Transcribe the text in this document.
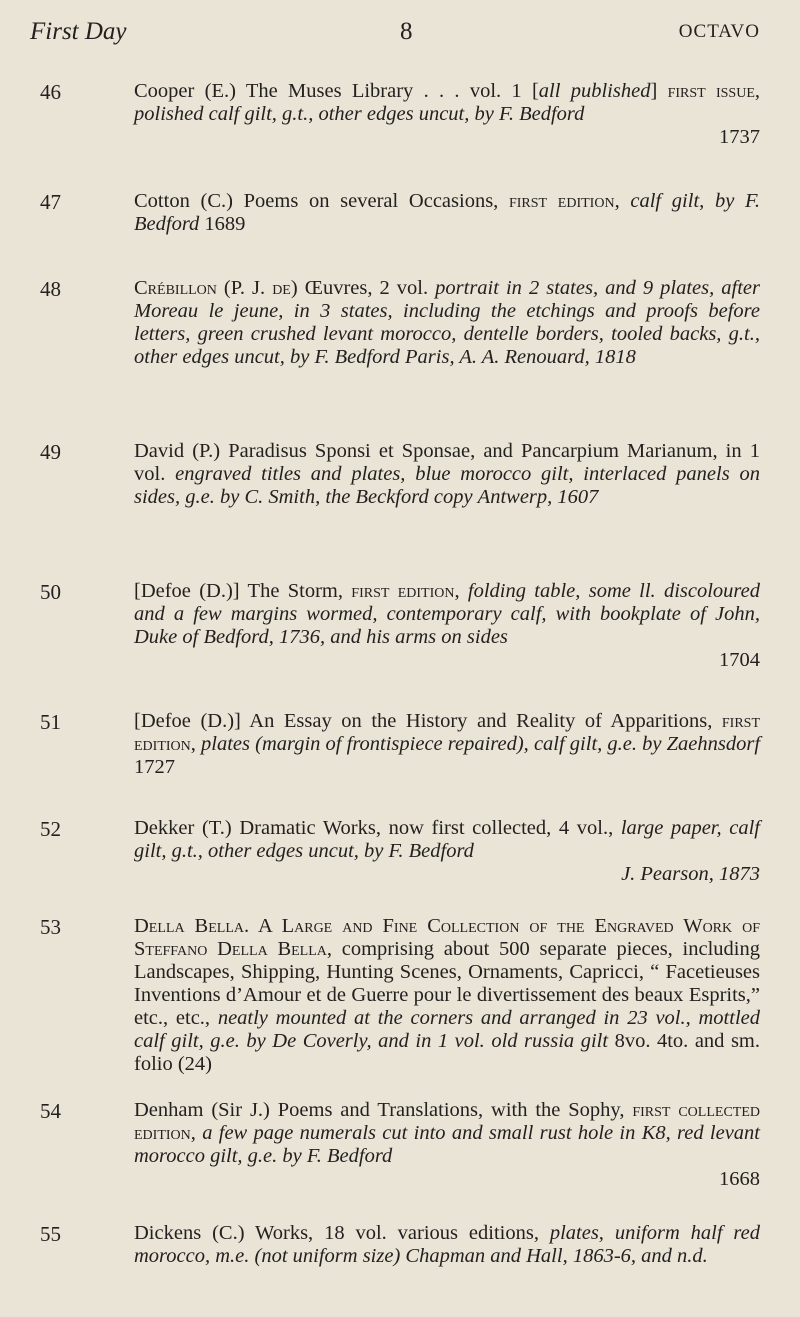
First Day	8	OCTAVO
46	Cooper (E.) The Muses Library . . . vol. 1 [all published] first issue, polished calf gilt, g.t., other edges uncut, by F. Bedford
1737
47	Cotton (C.) Poems on several Occasions, first edition, calf gilt, by F. Bedford 1689
48	Crébillon (P. J. de) Œuvres, 2 vol. portrait in 2 states, and 9 plates, after Moreau le jeune, in 3 states, including the etchings and proofs before letters, green crushed levant morocco, dentelle borders, tooled backs, g.t., other edges uncut, by F. Bedford Paris, A. A. Renouard, 1818
49	David (P.) Paradisus Sponsi et Sponsae, and Pancarpium Marianum, in 1 vol. engraved titles and plates, blue morocco gilt, interlaced panels on sides, g.e. by C. Smith, the Beckford copy Antwerp, 1607
50	[Defoe (D.)] The Storm, first edition, folding table, some ll. discoloured and a few margins wormed, contemporary calf, with bookplate of John, Duke of Bedford, 1736, and his arms on sides
1704
51	[Defoe (D.)] An Essay on the History and Reality of Apparitions, first edition, plates (margin of frontispiece repaired), calf gilt, g.e. by Zaehnsdorf 1727
52	Dekker (T.) Dramatic Works, now first collected, 4 vol., large paper, calf gilt, g.t., other edges uncut, by F. Bedford
J. Pearson, 1873
53	Della Bella. A Large and Fine Collection of the Engraved Work of Steffano Della Bella, comprising about 500 separate pieces, including Landscapes, Shipping, Hunting Scenes, Ornaments, Capricci, “ Facetieuses Inventions d’Amour et de Guerre pour le divertissement des beaux Esprits,” etc., etc., neatly mounted at the corners and arranged in 23 vol., mottled calf gilt, g.e. by De Coverly, and in 1 vol. old russia gilt 8vo. 4to. and sm. folio (24)
54	Denham (Sir J.) Poems and Translations, with the Sophy, first collected edition, a few page numerals cut into and small rust hole in K8, red levant morocco gilt, g.e. by F. Bedford
1668
55	Dickens (C.) Works, 18 vol. various editions, plates, uniform half red morocco, m.e. (not uniform size) Chapman and Hall, 1863-6, and n.d.
